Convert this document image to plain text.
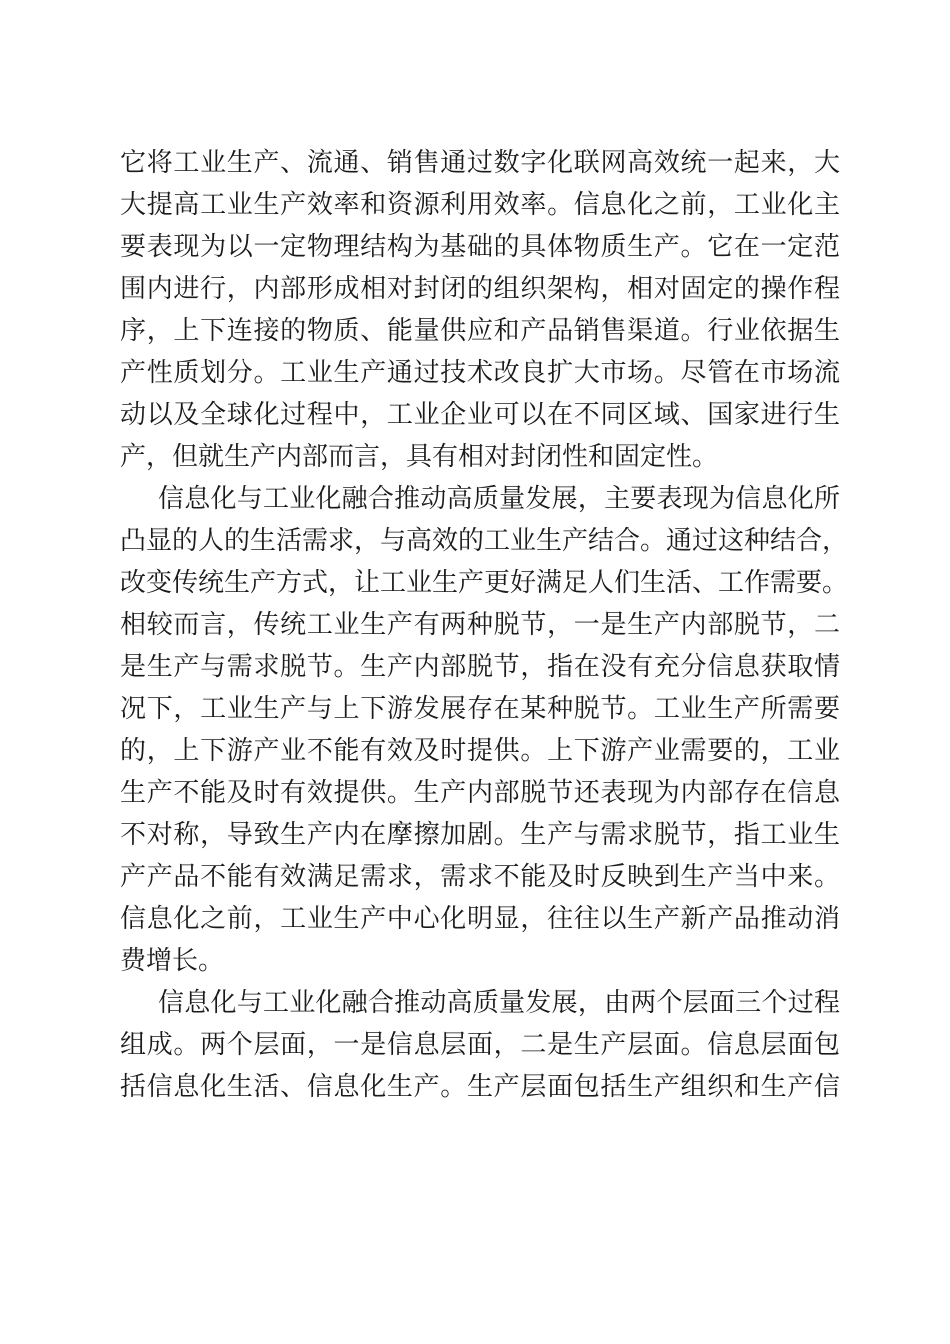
它将工业生产、流通、销售通过数字化联网高效统一起来，大
大提高工业生产效率和资源利用效率。信息化之前，工业化主
要表现为以一定物理结构为基础的具体物质生产。它在一定范
围内进行，内部形成相对封闭的组织架构，相对固定的操作程
序，上下连接的物质、能量供应和产品销售渠道。行业依据生
产性质划分。工业生产通过技术改良扩大市场。尽管在市场流
动以及全球化过程中，工业企业可以在不同区域、国家进行生
产，但就生产内部而言，具有相对封闭性和固定性。
信息化与工业化融合推动高质量发展，主要表现为信息化所
凸显的人的生活需求，与高效的工业生产结合。通过这种结合，
改变传统生产方式，让工业生产更好满足人们生活、工作需要。
相较而言，传统工业生产有两种脱节，一是生产内部脱节，二
是生产与需求脱节。生产内部脱节，指在没有充分信息获取情
况下，工业生产与上下游发展存在某种脱节。工业生产所需要
的，上下游产业不能有效及时提供。上下游产业需要的，工业
生产不能及时有效提供。生产内部脱节还表现为内部存在信息
不对称，导致生产内在摩擦加剧。生产与需求脱节，指工业生
产产品不能有效满足需求，需求不能及时反映到生产当中来。
信息化之前，工业生产中心化明显，往往以生产新产品推动消
费增长。
信息化与工业化融合推动高质量发展，由两个层面三个过程
组成。两个层面，一是信息层面，二是生产层面。信息层面包
括信息化生活、信息化生产。生产层面包括生产组织和生产信
